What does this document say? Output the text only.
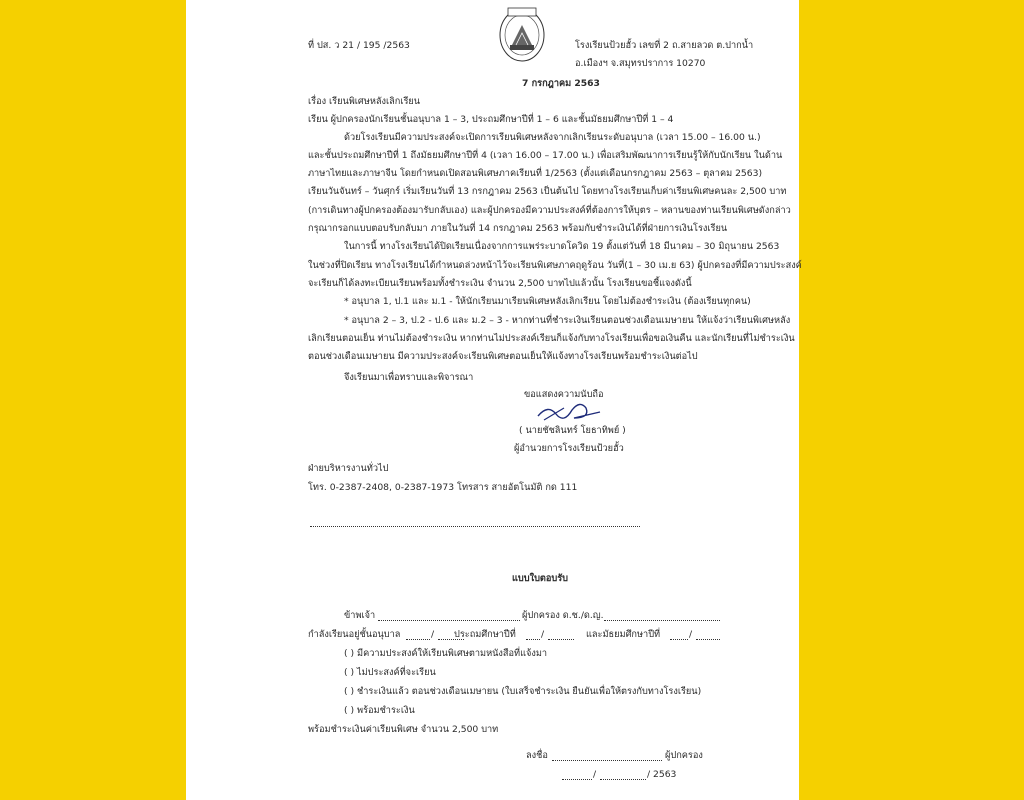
ที่ ปส. ว 21 / 195 /2563	โรงเรียนป้วยฮั้ว เลขที่ 2 ถ.สายลวด ต.ปากน้ำ
อ.เมืองฯ จ.สมุทรปราการ 10270
7 กรกฎาคม 2563
เรื่อง เรียนพิเศษหลังเลิกเรียน
เรียน ผู้ปกครองนักเรียนชั้นอนุบาล 1 – 3, ประถมศึกษาปีที่ 1 – 6 และชั้นมัธยมศึกษาปีที่ 1 – 4
ด้วยโรงเรียนมีความประสงค์จะเปิดการเรียนพิเศษหลังจากเลิกเรียนระดับอนุบาล (เวลา 15.00 – 16.00 น.)
และชั้นประถมศึกษาปีที่ 1 ถึงมัธยมศึกษาปีที่ 4 (เวลา 16.00 – 17.00 น.) เพื่อเสริมพัฒนาการเรียนรู้ให้กับนักเรียน ในด้าน
ภาษาไทยและภาษาจีน โดยกำหนดเปิดสอนพิเศษภาคเรียนที่ 1/2563 (ตั้งแต่เดือนกรกฎาคม 2563 – ตุลาคม 2563)
เรียนวันจันทร์ – วันศุกร์ เริ่มเรียนวันที่ 13 กรกฎาคม 2563 เป็นต้นไป โดยทางโรงเรียนเก็บค่าเรียนพิเศษคนละ 2,500 บาท
(การเดินทางผู้ปกครองต้องมารับกลับเอง) และผู้ปกครองมีความประสงค์ที่ต้องการให้บุตร – หลานของท่านเรียนพิเศษดังกล่าว
กรุณากรอกแบบตอบรับกลับมา ภายในวันที่ 14 กรกฎาคม 2563 พร้อมกับชำระเงินได้ที่ฝ่ายการเงินโรงเรียน
ในการนี้ ทางโรงเรียนได้ปิดเรียนเนื่องจากการแพร่ระบาดโควิด 19 ตั้งแต่วันที่ 18 มีนาคม – 30 มิถุนายน 2563
ในช่วงที่ปิดเรียน ทางโรงเรียนได้กำหนดล่วงหน้าไว้จะเรียนพิเศษภาคฤดูร้อน วันที่(1 – 30 เม.ย 63) ผู้ปกครองที่มีความประสงค์
จะเรียนก็ได้ลงทะเบียนเรียนพร้อมทั้งชำระเงิน จำนวน 2,500 บาทไปแล้วนั้น โรงเรียนขอชี้แจงดังนี้
* อนุบาล 1, ป.1 และ ม.1 - ให้นักเรียนมาเรียนพิเศษหลังเลิกเรียน โดยไม่ต้องชำระเงิน (ต้องเรียนทุกคน)
* อนุบาล 2 – 3, ป.2 - ป.6 และ ม.2 – 3 - หากท่านที่ชำระเงินเรียนตอนช่วงเดือนเมษายน ให้แจ้งว่าเรียนพิเศษหลัง
เลิกเรียนตอนเย็น ท่านไม่ต้องชำระเงิน หากท่านไม่ประสงค์เรียนก็แจ้งกับทางโรงเรียนเพื่อขอเงินคืน และนักเรียนที่ไม่ชำระเงิน
ตอนช่วงเดือนเมษายน มีความประสงค์จะเรียนพิเศษตอนเย็นให้แจ้งทางโรงเรียนพร้อมชำระเงินต่อไป
จึงเรียนมาเพื่อทราบและพิจารณา
ขอแสดงความนับถือ
( นายชัชลินทร์ โยธาทิพย์ )
ผู้อำนวยการโรงเรียนป้วยฮั้ว
ฝ่ายบริหารงานทั่วไป
โทร. 0-2387-2408, 0-2387-1973 โทรสาร สายอัตโนมัติ กด 111
แบบใบตอบรับ
ข้าพเจ้า	ผู้ปกครอง ด.ช./ด.ญ.
กำลังเรียนอยู่ชั้นอนุบาล	/ ประถมศึกษาปีที่	/	และมัธยมศึกษาปีที่	/
( ) มีความประสงค์ให้เรียนพิเศษตามหนังสือที่แจ้งมา
( ) ไม่ประสงค์ที่จะเรียน
( ) ชำระเงินแล้ว ตอนช่วงเดือนเมษายน (ใบเสร็จชำระเงิน ยืนยันเพื่อให้ตรงกับทางโรงเรียน)
( ) พร้อมชำระเงิน
พร้อมชำระเงินค่าเรียนพิเศษ จำนวน 2,500 บาท
ลงชื่อ	ผู้ปกครอง
/	/ 2563
